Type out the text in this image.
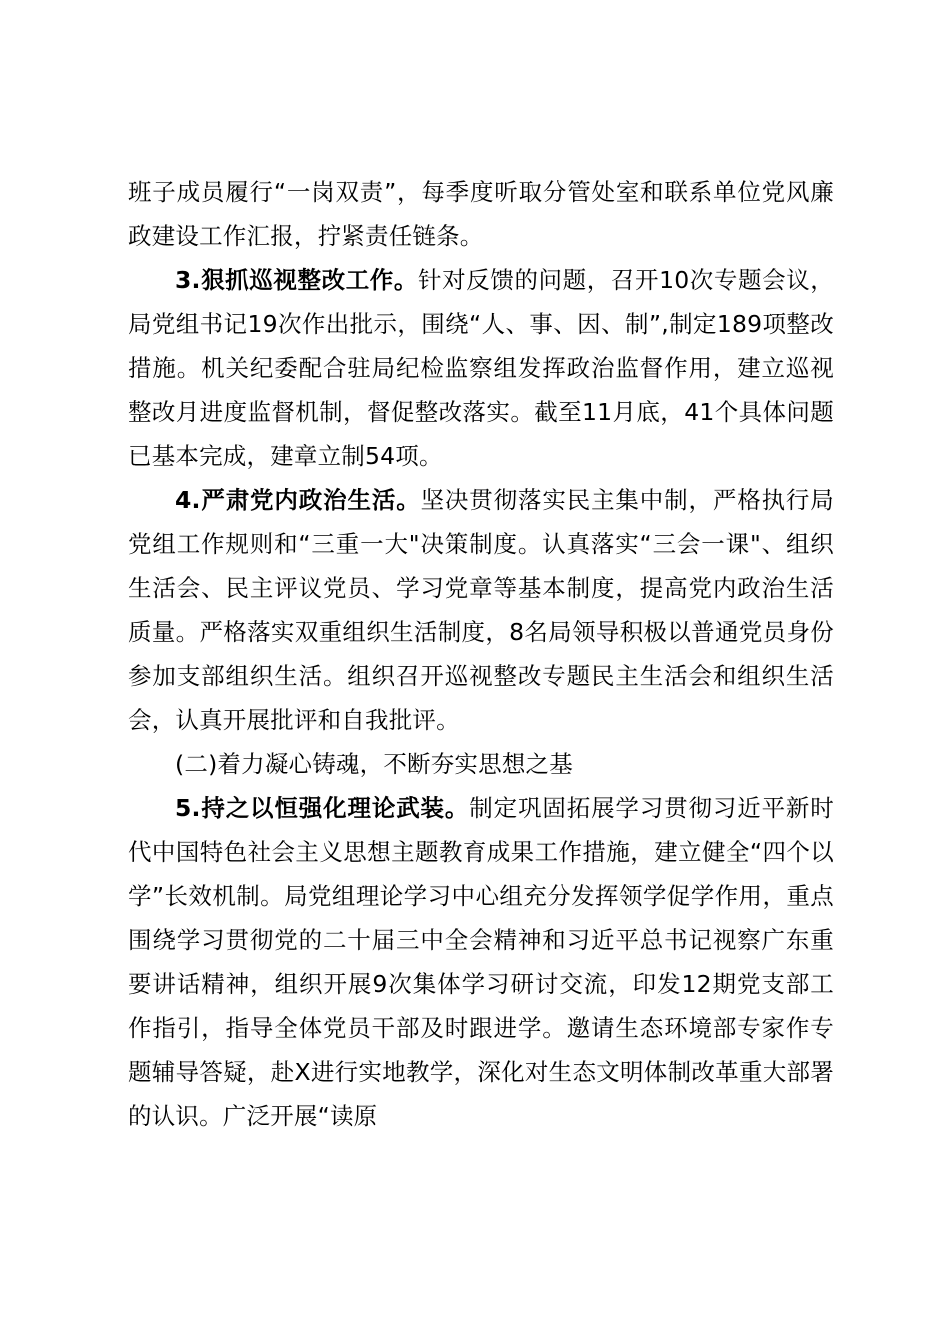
班子成员履行“一岗双责”，每季度听取分管处室和联系单位党风廉政建设工作汇报，拧紧责任链条。

3.狠抓巡视整改工作。针对反馈的问题，召开10次专题会议，局党组书记19次作出批示，围绕“人、事、因、制”,制定189项整改措施。机关纪委配合驻局纪检监察组发挥政治监督作用，建立巡视整改月进度监督机制，督促整改落实。截至11月底，41个具体问题已基本完成，建章立制54项。

4.严肃党内政治生活。坚决贯彻落实民主集中制，严格执行局党组工作规则和“三重一大"决策制度。认真落实“三会一课"、组织生活会、民主评议党员、学习党章等基本制度，提高党内政治生活质量。严格落实双重组织生活制度，8名局领导积极以普通党员身份参加支部组织生活。组织召开巡视整改专题民主生活会和组织生活会，认真开展批评和自我批评。

(二)着力凝心铸魂，不断夯实思想之基

5.持之以恒强化理论武装。制定巩固拓展学习贯彻习近平新时代中国特色社会主义思想主题教育成果工作措施，建立健全“四个以学”长效机制。局党组理论学习中心组充分发挥领学促学作用，重点围绕学习贯彻党的二十届三中全会精神和习近平总书记视察广东重要讲话精神，组织开展9次集体学习研讨交流，印发12期党支部工作指引，指导全体党员干部及时跟进学。邀请生态环境部专家作专题辅导答疑，赴X进行实地教学，深化对生态文明体制改革重大部署的认识。广泛开展“读原
